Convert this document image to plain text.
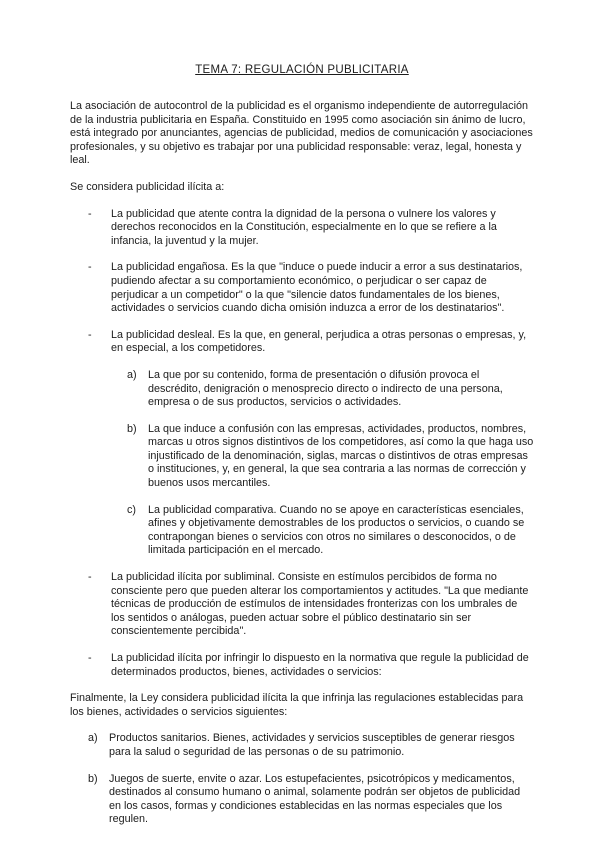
TEMA 7: REGULACIÓN PUBLICITARIA

La asociación de autocontrol de la publicidad es el organismo independiente de autorregulación de la industria publicitaria en España. Constituido en 1995 como asociación sin ánimo de lucro, está integrado por anunciantes, agencias de publicidad, medios de comunicación y asociaciones profesionales, y su objetivo es trabajar por una publicidad responsable: veraz, legal, honesta y leal.

Se considera publicidad ilícita a:

-	La publicidad que atente contra la dignidad de la persona o vulnere los valores y derechos reconocidos en la Constitución, especialmente en lo que se refiere a la infancia, la juventud y la mujer.
-	La publicidad engañosa. Es la que "induce o puede inducir a error a sus destinatarios, pudiendo afectar a su comportamiento económico, o perjudicar o ser capaz de perjudicar a un competidor" o la que "silencie datos fundamentales de los bienes, actividades o servicios cuando dicha omisión induzca a error de los destinatarios".
-	La publicidad desleal. Es la que, en general, perjudica a otras personas o empresas, y, en especial, a los competidores.
a)	La que por su contenido, forma de presentación o difusión provoca el descrédito, denigración o menosprecio directo o indirecto de una persona, empresa o de sus productos, servicios o actividades.
b)	La que induce a confusión con las empresas, actividades, productos, nombres, marcas u otros signos distintivos de los competidores, así como la que haga uso injustificado de la denominación, siglas, marcas o distintivos de otras empresas o instituciones, y, en general, la que sea contraria a las normas de corrección y buenos usos mercantiles.
c)	La publicidad comparativa. Cuando no se apoye en características esenciales, afines y objetivamente demostrables de los productos o servicios, o cuando se contrapongan bienes o servicios con otros no similares o desconocidos, o de limitada participación en el mercado.
-	La publicidad ilícita por subliminal. Consiste en estímulos percibidos de forma no consciente pero que pueden alterar los comportamientos y actitudes. "La que mediante técnicas de producción de estímulos de intensidades fronterizas con los umbrales de los sentidos o análogas, pueden actuar sobre el público destinatario sin ser conscientemente percibida".
-	La publicidad ilícita por infringir lo dispuesto en la normativa que regule la publicidad de determinados productos, bienes, actividades o servicios:

Finalmente, la Ley considera publicidad ilícita la que infrinja las regulaciones establecidas para los bienes, actividades o servicios siguientes:

a)	Productos sanitarios. Bienes, actividades y servicios susceptibles de generar riesgos para la salud o seguridad de las personas o de su patrimonio.
b)	Juegos de suerte, envite o azar. Los estupefacientes, psicotrópicos y medicamentos, destinados al consumo humano o animal, solamente podrán ser objetos de publicidad en los casos, formas y condiciones establecidas en las normas especiales que los regulen.
